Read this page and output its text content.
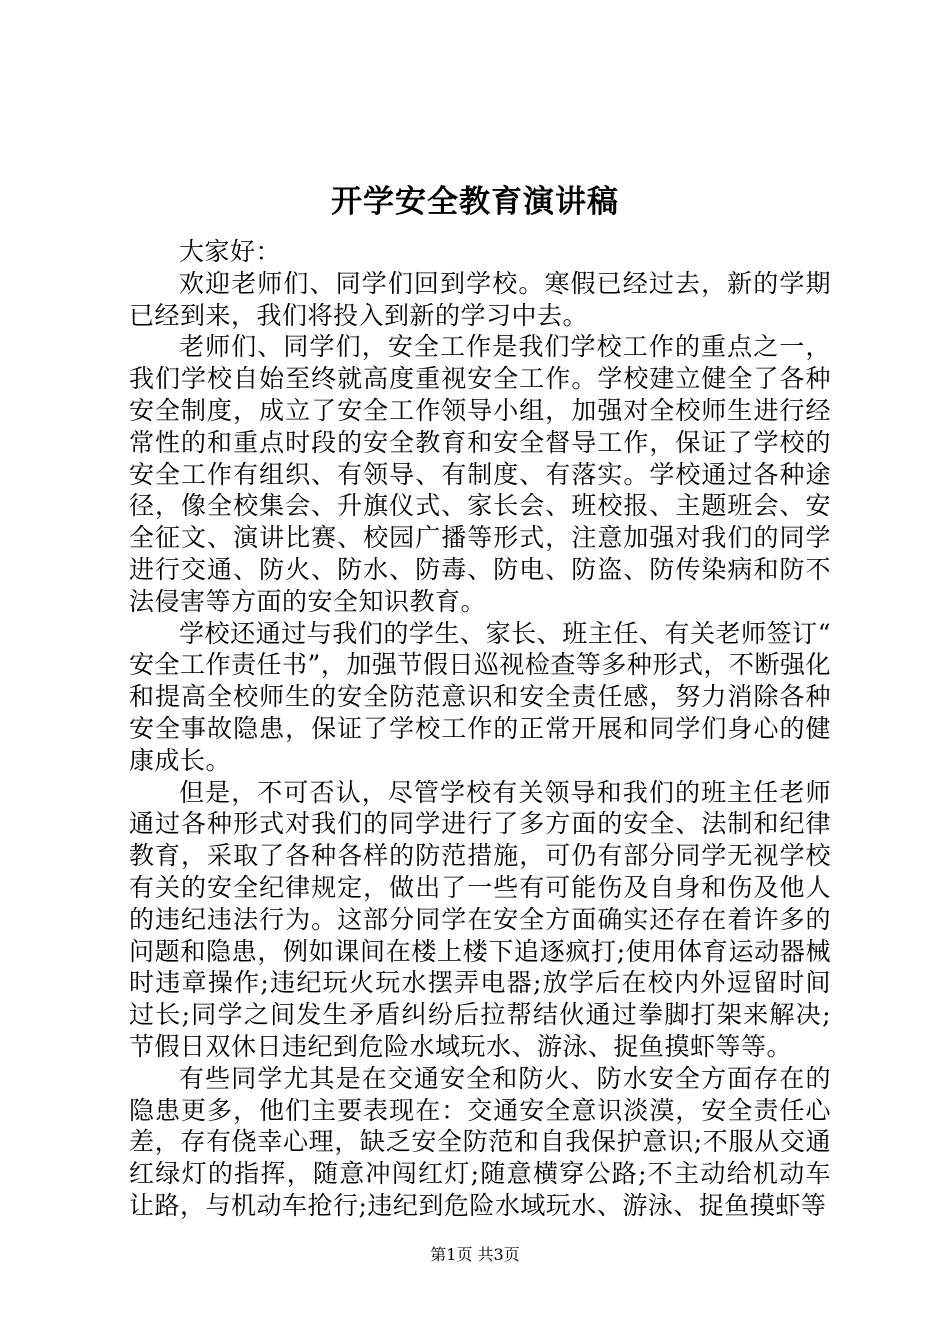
开学安全教育演讲稿

大家好：

欢迎老师们、同学们回到学校。寒假已经过去，新的学期已经到来，我们将投入到新的学习中去。

老师们、同学们，安全工作是我们学校工作的重点之一，我们学校自始至终就高度重视安全工作。学校建立健全了各种安全制度，成立了安全工作领导小组，加强对全校师生进行经常性的和重点时段的安全教育和安全督导工作，保证了学校的安全工作有组织、有领导、有制度、有落实。学校通过各种途径，像全校集会、升旗仪式、家长会、班校报、主题班会、安全征文、演讲比赛、校园广播等形式，注意加强对我们的同学进行交通、防火、防水、防毒、防电、防盗、防传染病和防不法侵害等方面的安全知识教育。

学校还通过与我们的学生、家长、班主任、有关老师签订“安全工作责任书”，加强节假日巡视检查等多种形式，不断强化和提高全校师生的安全防范意识和安全责任感，努力消除各种安全事故隐患，保证了学校工作的正常开展和同学们身心的健康成长。

但是，不可否认，尽管学校有关领导和我们的班主任老师通过各种形式对我们的同学进行了多方面的安全、法制和纪律教育，采取了各种各样的防范措施，可仍有部分同学无视学校有关的安全纪律规定，做出了一些有可能伤及自身和伤及他人的违纪违法行为。这部分同学在安全方面确实还存在着许多的问题和隐患，例如课间在楼上楼下追逐疯打;使用体育运动器械时违章操作;违纪玩火玩水摆弄电器;放学后在校内外逗留时间过长;同学之间发生矛盾纠纷后拉帮结伙通过拳脚打架来解决;节假日双休日违纪到危险水域玩水、游泳、捉鱼摸虾等等。

有些同学尤其是在交通安全和防火、防水安全方面存在的隐患更多，他们主要表现在：交通安全意识淡漠，安全责任心差，存有侥幸心理，缺乏安全防范和自我保护意识;不服从交通红绿灯的指挥，随意冲闯红灯;随意横穿公路;不主动给机动车让路，与机动车抢行;违纪到危险水域玩水、游泳、捉鱼摸虾等

第1页 共3页
